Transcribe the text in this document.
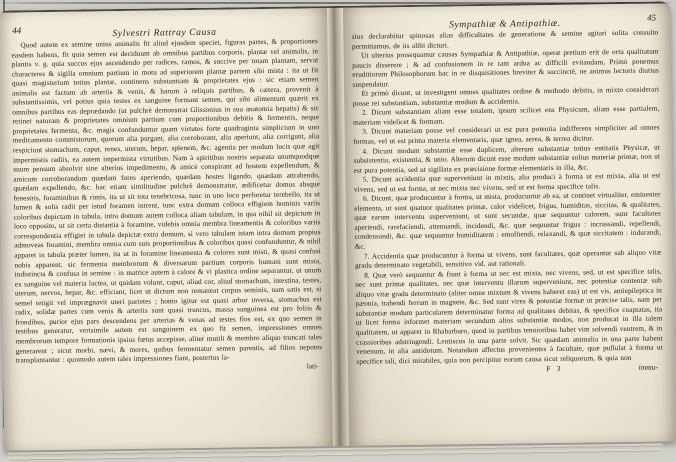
44	Sylvestri Rattray Causa
Quod autem ex semine unius animalis fit aliud ejusdem speciei, figuras partes, & proportiones easdem habens, fit quia semen est deciduum ab omnibus partibus corporis, plantæ vel animalis, in plantis v. g. quia succus ejus ascendendo per radices, ramos, & succive per totam plantam, servat characteres & sigilla omnium partium in motu ad superiorem plantæ partem sibi mista : ita ut fit quasi magisterium totius plantæ, continens substantiam & proprietates ejus : sic etiam semen animalis est factum ab arteriis & venis, & harum à reliquis partibus, & cætera, provenit à substantissimis, vel potius quia testes ex sanguine formant semen, qui sibi alimentum quærit ex omnibus partibus eas deprædando (ut pulchrè demonstrat Glissonius in sua anatomia hepatis) & sic retinet naturam & proprietates omnium partium cum proportionibus debitis & fermentis, neque proprietates fermenta, &c. magis confunduntur quam virtutes forte quadraginta simplicium in uno medicamento commistorum, quorum alia purgant, alia corroborant, alia aperiunt, alia corrigunt, alia respiciunt stomachum, caput, renes, uterum, hepar, splenem, &c. agentia per modum lucis quæ agit impermistis radiis, ea autem impermista virtutibus. Nam à spiritibus nostris separata unumquodque suum pensum absolvit sine alterius impedimento, & amicè conspirant ad hostem expellendum, & amicum corroborandum quædam fores aperiendo, quædam hostes ligando, quædam attrahendo, quædam expellendo, &c. hac etiam similitudine pulchrè demonstratur, ædificetur domus absque fenestris, foraminibus & rimis, ita ut sit tota tenebricosa, tunc in uno loco perforetur terebello, ita ut lumen & solis radii per istud foramen intrent, tunc extra domum colloca effigiem hominis variis coloribus depictam in tabula, intra domum autem colloca aliam tabulam, in qua nihil sit depictum in loco opposito, ut sit certa distantia à foramine, videbis omnia membra lineamentis & coloribus variis correspondentia effigiei in tabula depictæ extra domum, si vero tabulam istam intra domum propius admoveas foramini, membra omnia cum suis proportionibus & coloribus quasi confunduntur, & nihil apparet in tabula præter lumen, ita ut in foramine lineamenta & colores sunt misti, & quasi confusi nobis apparent, sic fermenta membrorum & diversarum partium corporis humani sunt mista, indistincta & confusa in semine : in matrice autem à calore & vi plastica ordine separantur, ut unum ex sanguine vel materia lactea, ut quidam volunt, caput, aliud cor, aliud stomachum, intestina, testes, uterum, nervos, hepar, &c. efficiant, licet ut dictum non remaneat corpus seminis, nam satis est, si semel tetigit vel imprægnavit uteri parietes ; homo igitur est quasi arbor inversa, stomachus est radix, solidæ partes cum venis & arteriis sunt quasi truncus, massa sanguinea est pro foliis & frondibus, purior ejus pars descendens per arterias & venas ad testes flos est, ex quo semen in testibus generatur, verisimile autem est sanguinem ex quo fit semen, impressiones omnes membrorum tempore formationis ipsius fœtus accepisse, aliter mutili & membro aliquo truncati tales generarent ; sicut morbi, nævi, & mores, quibus fermentatur semen parentis, ad filios nepotes transplantantur : quomodo autem tales impressiones fiant, posterius la-
lati-
Sympathiæ & Antipathiæ.
45

sius declarabitur spinosas alias difficultates de generatione & semine agitari solita consulto permittamus, de iis alibi dicturi.

Ut ulterius prosequamur causas Sympathiæ & Antipathiæ, operæ pretium erit de ortu qualitatum paucis disserere ; & ad confusionem in re tam ardua ac difficili evitandam, Primò ponemus eruditiorum Philosophorum hac in re disquisitiones breviter & succinctè, ne animus lectoris diutius suspendatur.

Et primò dicunt, ut investigent omnes qualitates ordine & methodo debitis, in mixto considerari posse rei substantiam, substantiæ modum & accidentia.

2. Dicunt substantiam aliam esse totalem, ipsum scilicet ens Physicum, aliam esse partialem, materiam videlicet & formam.

3. Dicunt materiam posse vel considerari ut est pura potentia indifferens simpliciter ad omnes formas, vel ut est prima materia elementaris, quæ ignea, aerea, & terrea dicitur.

4. Dicunt modum substantiæ esse duplicem, alterum substantiæ totius entitatis Physicæ, ut subsistentia, existentia, & unio. Alterum dicunt esse modum substantiæ solius materiæ primæ, non ut est pura potentia, sed ut sigillata ex præcisione formæ elementaris in illa, &c.

5. Dicunt accidentia quæ superveniunt in mixtis, alia produci à forma ut est mixta, alia ut est vivens, sed ut est forma, ut nec mixta nec vivens, sed ut est forma specifice talis.

6. Dicunt, quæ producuntur à forma, ut mista, producuntur ab ea, ut continet virtualiter, eminenter elementa, ut sunt quatuor qualitates primæ, calor videlicet, frigus, humiditas, siccitas, & qualitates, quæ earum interventu superveniunt, ut sunt secundæ, quæ sequuntur calorem, sunt facultates aperiendi, rarefaciendi, attenuandi, incidendi, &c. quæ sequuntur frigus : incrassandi, repellendi, condensandi, &c. quæ sequuntur humiditatem : emolliendi, relaxandi, & quæ siccitatem : indurandi, &c.

7. Accidentia quæ producuntur à forma ut vivens, sunt facultates, quæ operantur sub aliquo vitæ gradu determinato vegetabili, sensitivo vid. aut rationali.

8. Quæ verò sequuntur & fiunt à forma ut nec est mixta, nec vivens, sed, ut est specifice talis, nec sunt primæ qualitates, nec quæ interventu illarum superveniunt, nec potentiæ contentæ sub aliquo vitæ gradu determinato (aliter omne mixtum & vivens haberet eas) ut est vis, antiepileptica in pæonia, trahendi ferrum in magnete, &c. Sed sunt vires & potentiæ formæ ut præcise talis, nam per substantiæ modum particularem determinatur forma ad qualitates debitas, & specifice coaptatas, ita ut licet forma informet materiam secundum alios substantiæ modos, non producat in illa talem qualitatem, ut apparet in Rhabarbaro, quod in partibus tenuioribus habet vim solvendi ventrem, & in crassioribus adstringendi. Lentiscus in una parte solvit. Sic quædam animalia in una parte habent venenum, in alia antidotum. Notandum affectus provenientes à facultate, quæ pullulat à forma ut specifice tali, dici mirabiles, quia non percipitur eorum causa sicut reliquorum, & quia non

F 3	immu-
